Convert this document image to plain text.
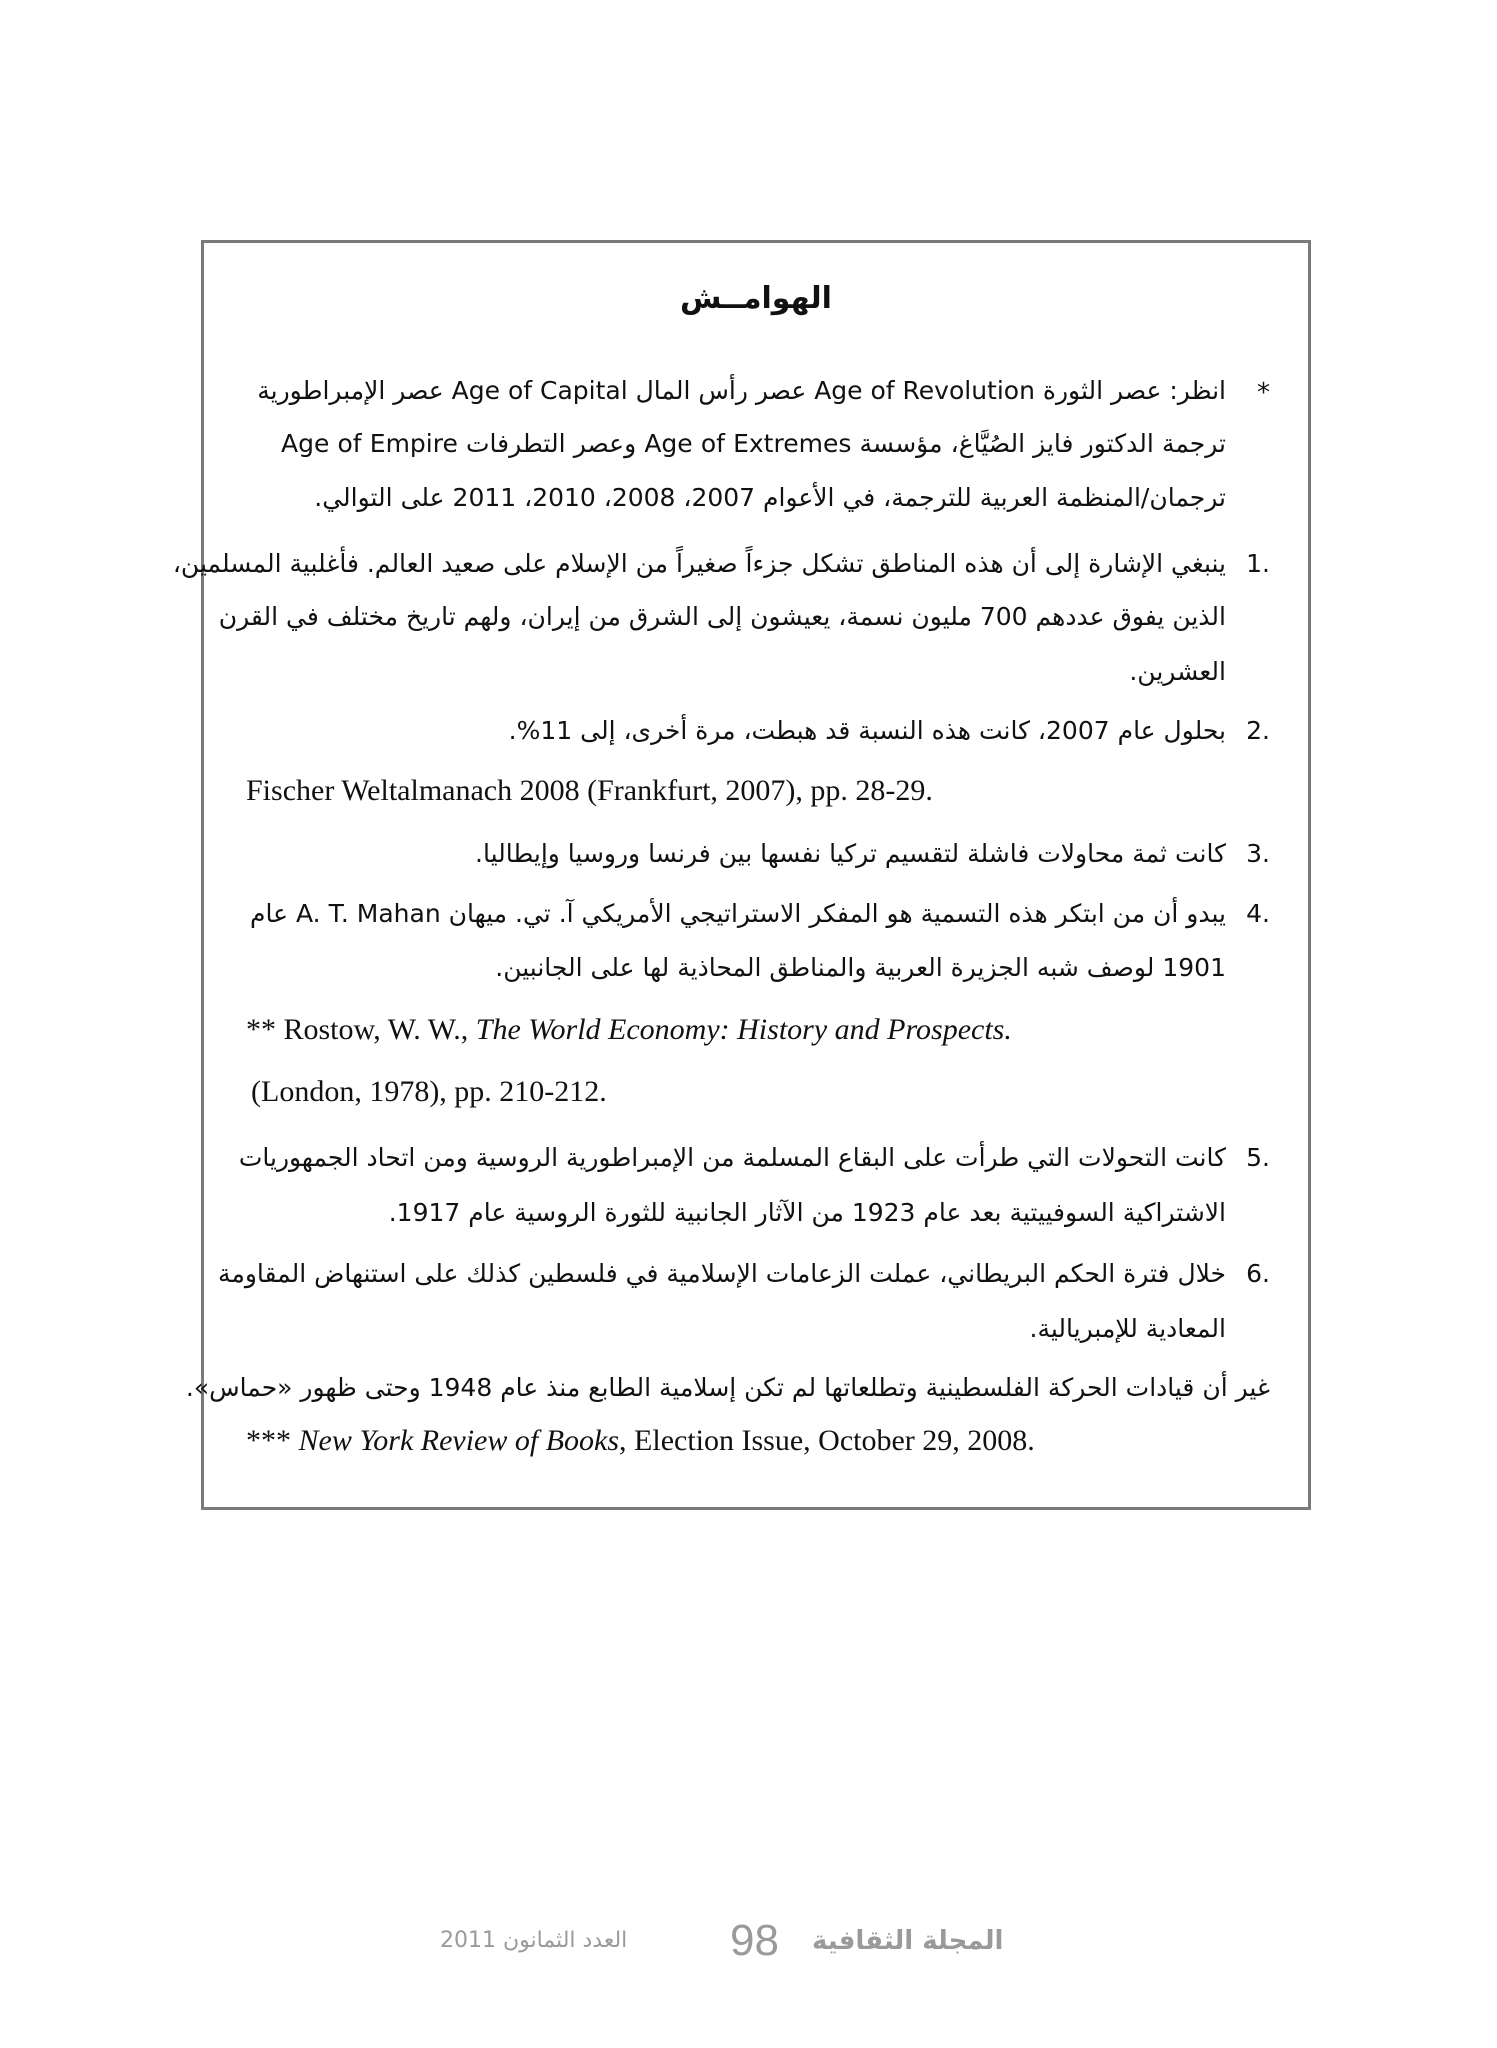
الهوامــش
*
انظر: عصر الثورة Age of Revolution عصر رأس المال Age of Capital عصر الإمبراطورية
Age of Empire وعصر التطرفات Age of Extremes ترجمة الدكتور فايز الصُيَّاغ، مؤسسة
ترجمان/المنظمة العربية للترجمة، في الأعوام 2007، 2008، 2010، 2011 على التوالي.
1.
ينبغي الإشارة إلى أن هذه المناطق تشكل جزءاً صغيراً من الإسلام على صعيد العالم. فأغلبية المسلمين،
الذين يفوق عددهم 700 مليون نسمة، يعيشون إلى الشرق من إيران، ولهم تاريخ مختلف في القرن
العشرين.
2.
بحلول عام 2007، كانت هذه النسبة قد هبطت، مرة أخرى، إلى 11%.
Fischer Weltalmanach 2008 (Frankfurt, 2007), pp. 28-29.
3.
كانت ثمة محاولات فاشلة لتقسيم تركيا نفسها بين فرنسا وروسيا وإيطاليا.
4.
يبدو أن من ابتكر هذه التسمية هو المفكر الاستراتيجي الأمريكي آ. تي. ميهان A. T. Mahan عام
1901 لوصف شبه الجزيرة العربية والمناطق المحاذية لها على الجانبين.
** Rostow, W. W., The World Economy: History and Prospects.
(London, 1978), pp. 210-212.
5.
كانت التحولات التي طرأت على البقاع المسلمة من الإمبراطورية الروسية ومن اتحاد الجمهوريات
الاشتراكية السوفييتية بعد عام 1923 من الآثار الجانبية للثورة الروسية عام 1917.
6.
خلال فترة الحكم البريطاني، عملت الزعامات الإسلامية في فلسطين كذلك على استنهاض المقاومة
المعادية للإمبريالية.
غير أن قيادات الحركة الفلسطينية وتطلعاتها لم تكن إسلامية الطابع منذ عام 1948 وحتى ظهور «حماس».
*** New York Review of Books, Election Issue, October 29, 2008.
العدد الثمانون 2011 98 المجلة الثقافية
